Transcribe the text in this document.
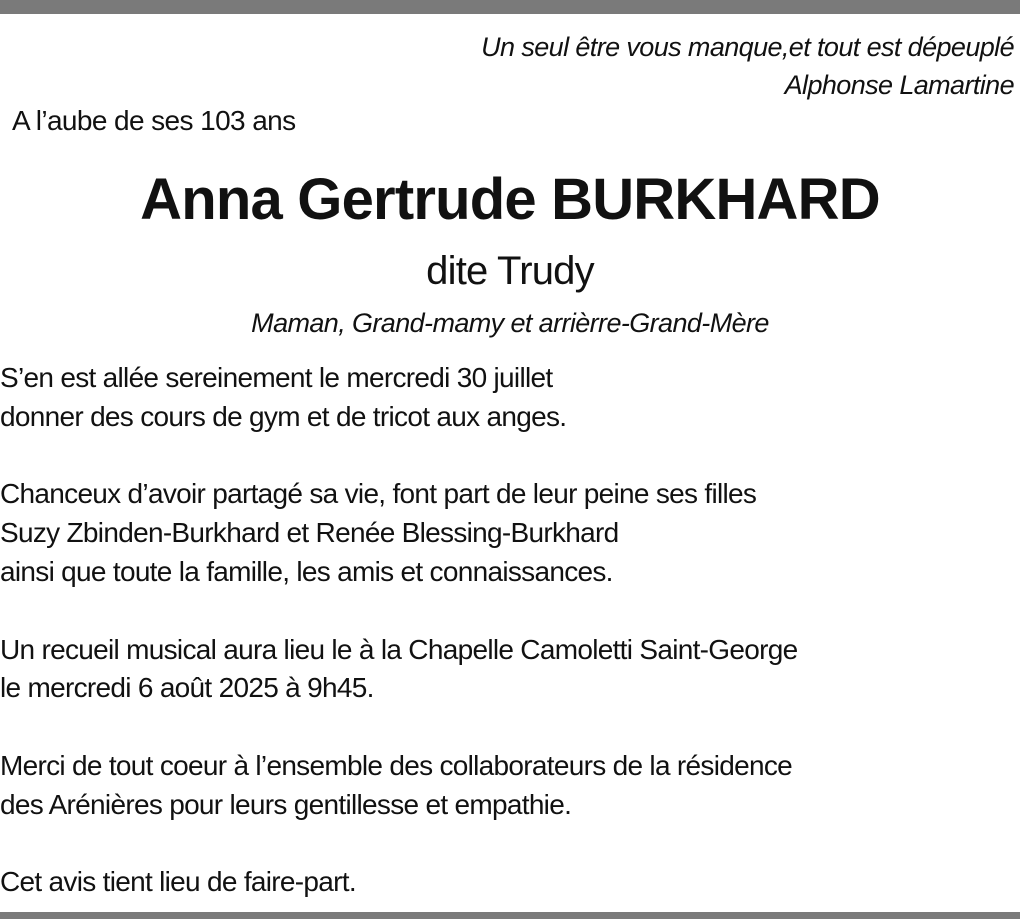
Un seul être vous manque,et tout est dépeuplé
Alphonse Lamartine
A l’aube de ses 103 ans
Anna Gertrude BURKHARD
dite Trudy
Maman, Grand-mamy et arrièrre-Grand-Mère

S’en est allée sereinement le mercredi 30 juillet
donner des cours de gym et de tricot aux anges.

Chanceux d’avoir partagé sa vie, font part de leur peine ses filles
Suzy Zbinden-Burkhard et Renée Blessing-Burkhard
ainsi que toute la famille, les amis et connaissances.

Un recueil musical aura lieu le à la Chapelle Camoletti Saint-George
le mercredi 6 août 2025 à 9h45.

Merci de tout coeur à l’ensemble des collaborateurs de la résidence
des Arénières pour leurs gentillesse et empathie.

Cet avis tient lieu de faire-part.
